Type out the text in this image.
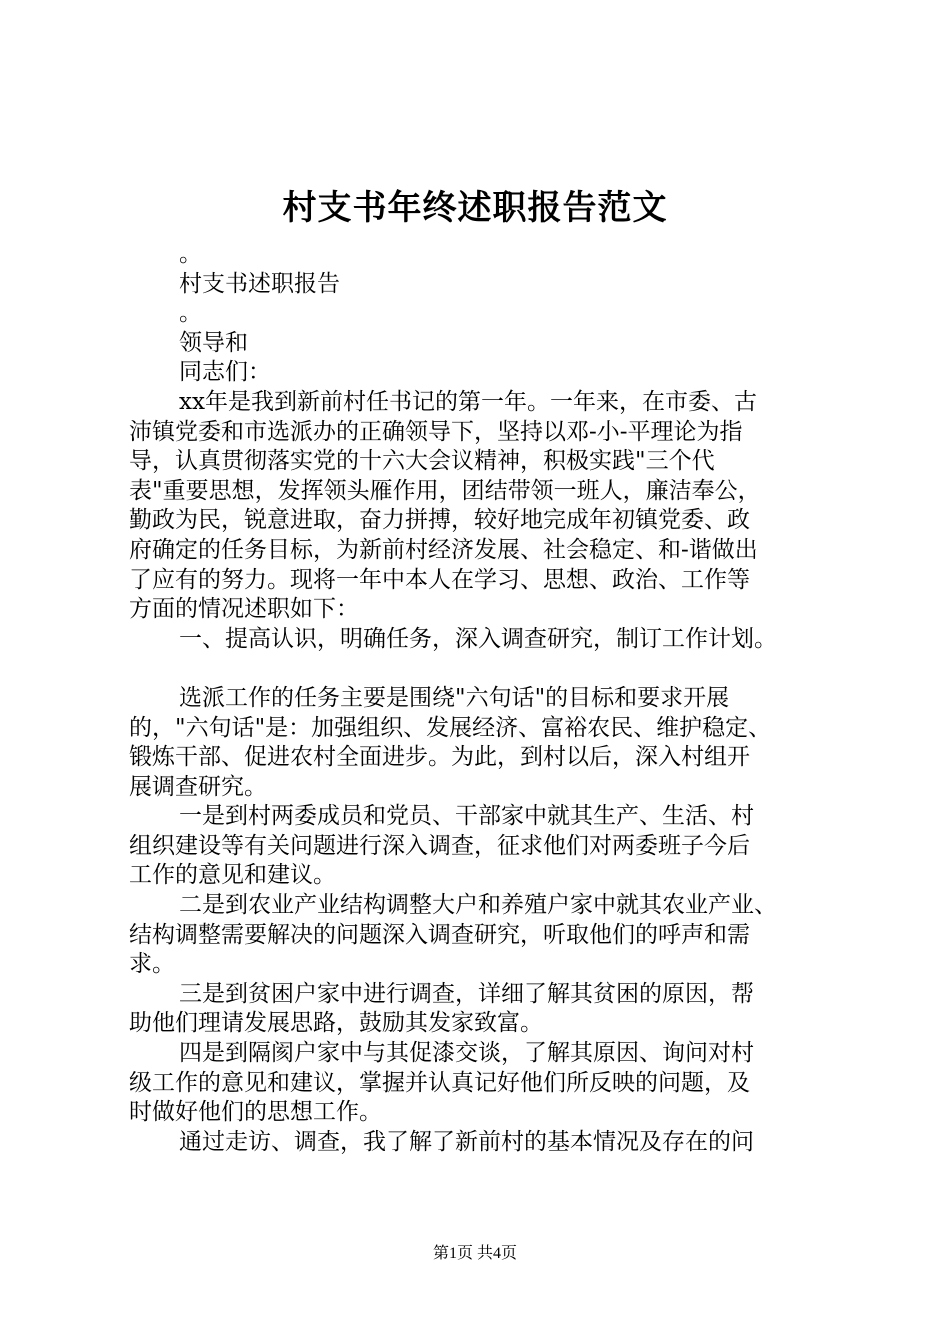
村支书年终述职报告范文

。

村支书述职报告

。

领导和

同志们：

xx年是我到新前村任书记的第一年。一年来，在市委、古

沛镇党委和市选派办的正确领导下，坚持以邓-小-平理论为指

导，认真贯彻落实党的十六大会议精神，积极实践"三个代

表"重要思想，发挥领头雁作用，团结带领一班人，廉洁奉公，

勤政为民，锐意进取，奋力拼搏，较好地完成年初镇党委、政

府确定的任务目标，为新前村经济发展、社会稳定、和-谐做出

了应有的努力。现将一年中本人在学习、思想、政治、工作等

方面的情况述职如下：

一、提高认识，明确任务，深入调查研究，制订工作计划。

选派工作的任务主要是围绕"六句话"的目标和要求开展

的，"六句话"是：加强组织、发展经济、富裕农民、维护稳定、

锻炼干部、促进农村全面进步。为此，到村以后，深入村组开

展调查研究。

一是到村两委成员和党员、干部家中就其生产、生活、村

组织建设等有关问题进行深入调查，征求他们对两委班子今后

工作的意见和建议。

二是到农业产业结构调整大户和养殖户家中就其农业产业、

结构调整需要解决的问题深入调查研究，听取他们的呼声和需

求。

三是到贫困户家中进行调查，详细了解其贫困的原因，帮

助他们理请发展思路，鼓励其发家致富。

四是到隔阂户家中与其促漆交谈，了解其原因、询问对村

级工作的意见和建议，掌握并认真记好他们所反映的问题，及

时做好他们的思想工作。

通过走访、调查，我了解了新前村的基本情况及存在的问

第1页 共4页
